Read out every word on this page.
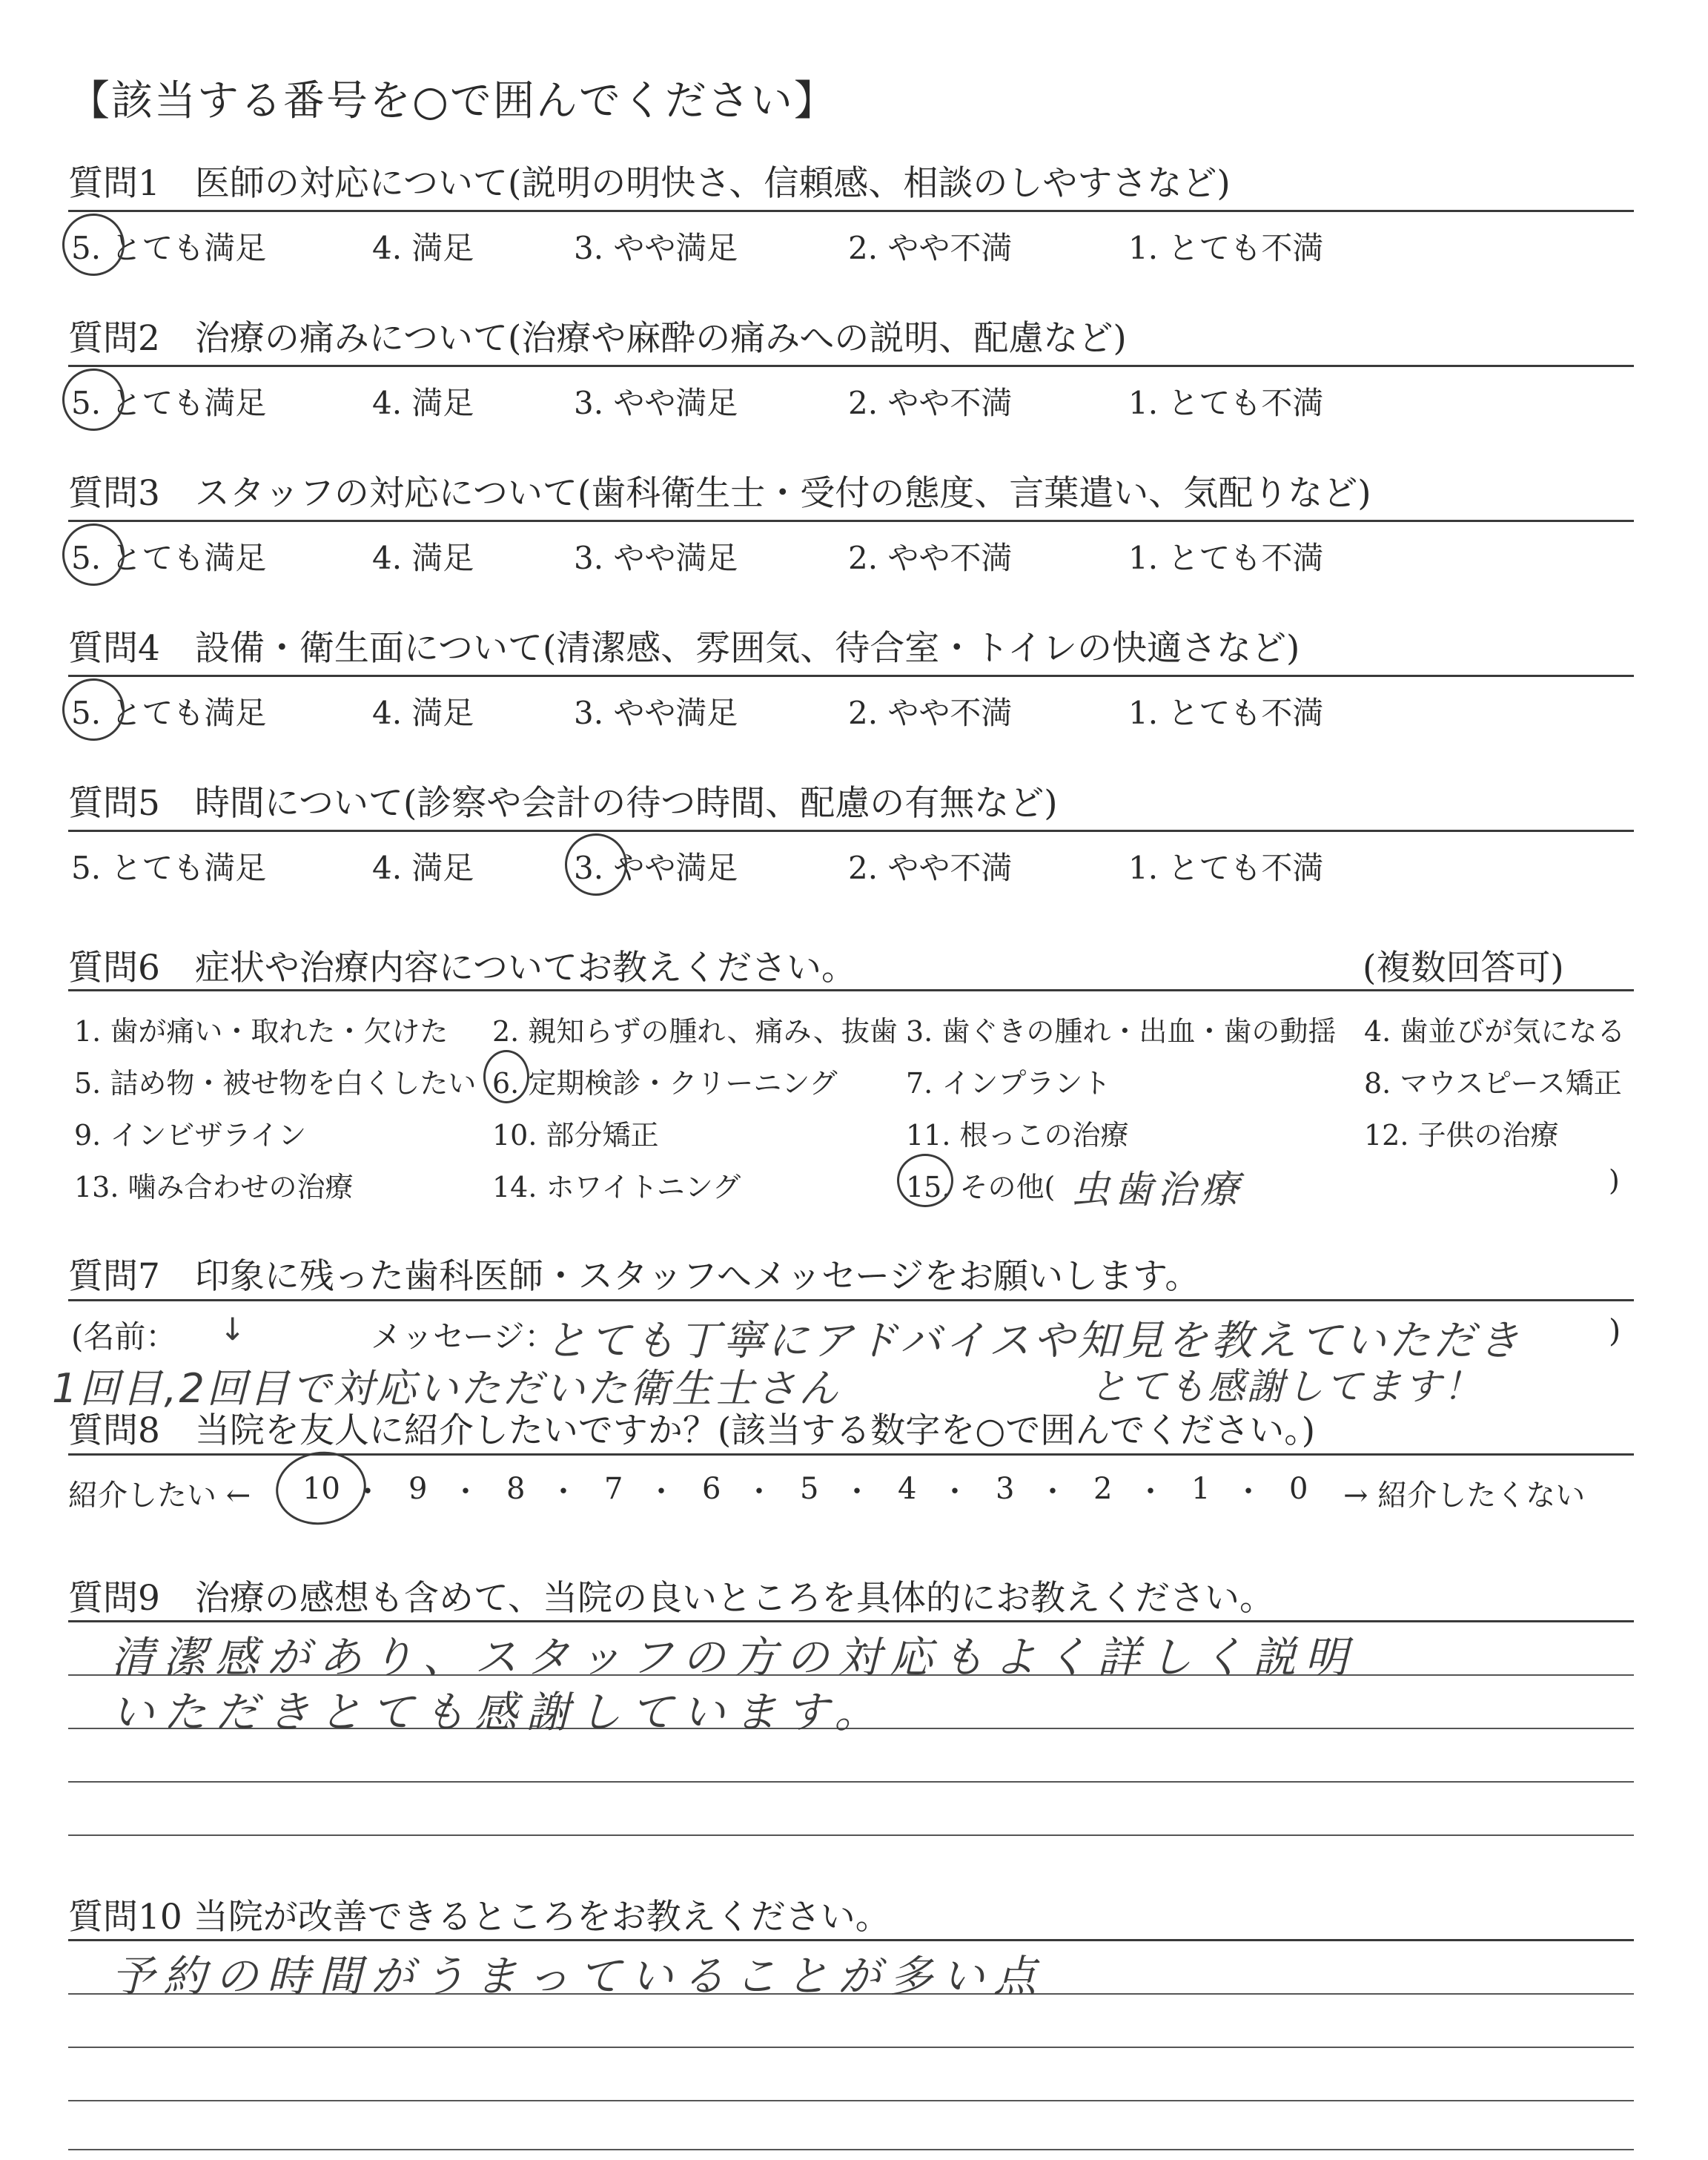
【該当する番号を○で囲んでください】
質問1　医師の対応について(説明の明快さ、信頼感、相談のしやすさなど)
5. とても満足	4. 満足	3. やや満足	2. やや不満	1. とても不満
質問2　治療の痛みについて(治療や麻酔の痛みへの説明、配慮など)
5. とても満足	4. 満足	3. やや満足	2. やや不満	1. とても不満
質問3　スタッフの対応について(歯科衛生士・受付の態度、言葉遣い、気配りなど)
5. とても満足	4. 満足	3. やや満足	2. やや不満	1. とても不満
質問4　設備・衛生面について(清潔感、雰囲気、待合室・トイレの快適さなど)
5. とても満足	4. 満足	3. やや満足	2. やや不満	1. とても不満
質問5　時間について(診察や会計の待つ時間、配慮の有無など)
5. とても満足	4. 満足	3. やや満足	2. やや不満	1. とても不満
質問6　症状や治療内容についてお教えください。	(複数回答可)
1. 歯が痛い・取れた・欠けた 2. 親知らずの腫れ、痛み、抜歯 3. 歯ぐきの腫れ・出血・歯の動揺 4. 歯並びが気になる
5. 詰め物・被せ物を白くしたい 6. 定期検診・クリーニング 7. インプラント	8. マウスピース矯正
9. インビザライン	10. 部分矯正	11. 根っこの治療	12. 子供の治療
13. 噛み合わせの治療	14. ホワイトニング	15. その他(	)
虫歯治療
質問7　印象に残った歯科医師・スタッフへメッセージをお願いします。
(名前： ↓	メッセージ：	)
とても丁寧にアドバイスや知見を教えていただき
1回目,2回目で対応いただいた衛生士さん	とても感謝してます！
質問8　当院を友人に紹介したいですか？(該当する数字を○で囲んでください。)
紹介したい ←	→ 紹介したくない
10 ・ 9 ・ 8 ・ 7 ・ 6 ・ 5 ・ 4 ・ 3 ・ 2 ・ 1 ・ 0
質問9　治療の感想も含めて、当院の良いところを具体的にお教えください。
清潔感があり、スタッフの方の対応もよく詳しく説明
いただきとても感謝しています。
質問10 当院が改善できるところをお教えください。
予約の時間がうまっていることが多い点
